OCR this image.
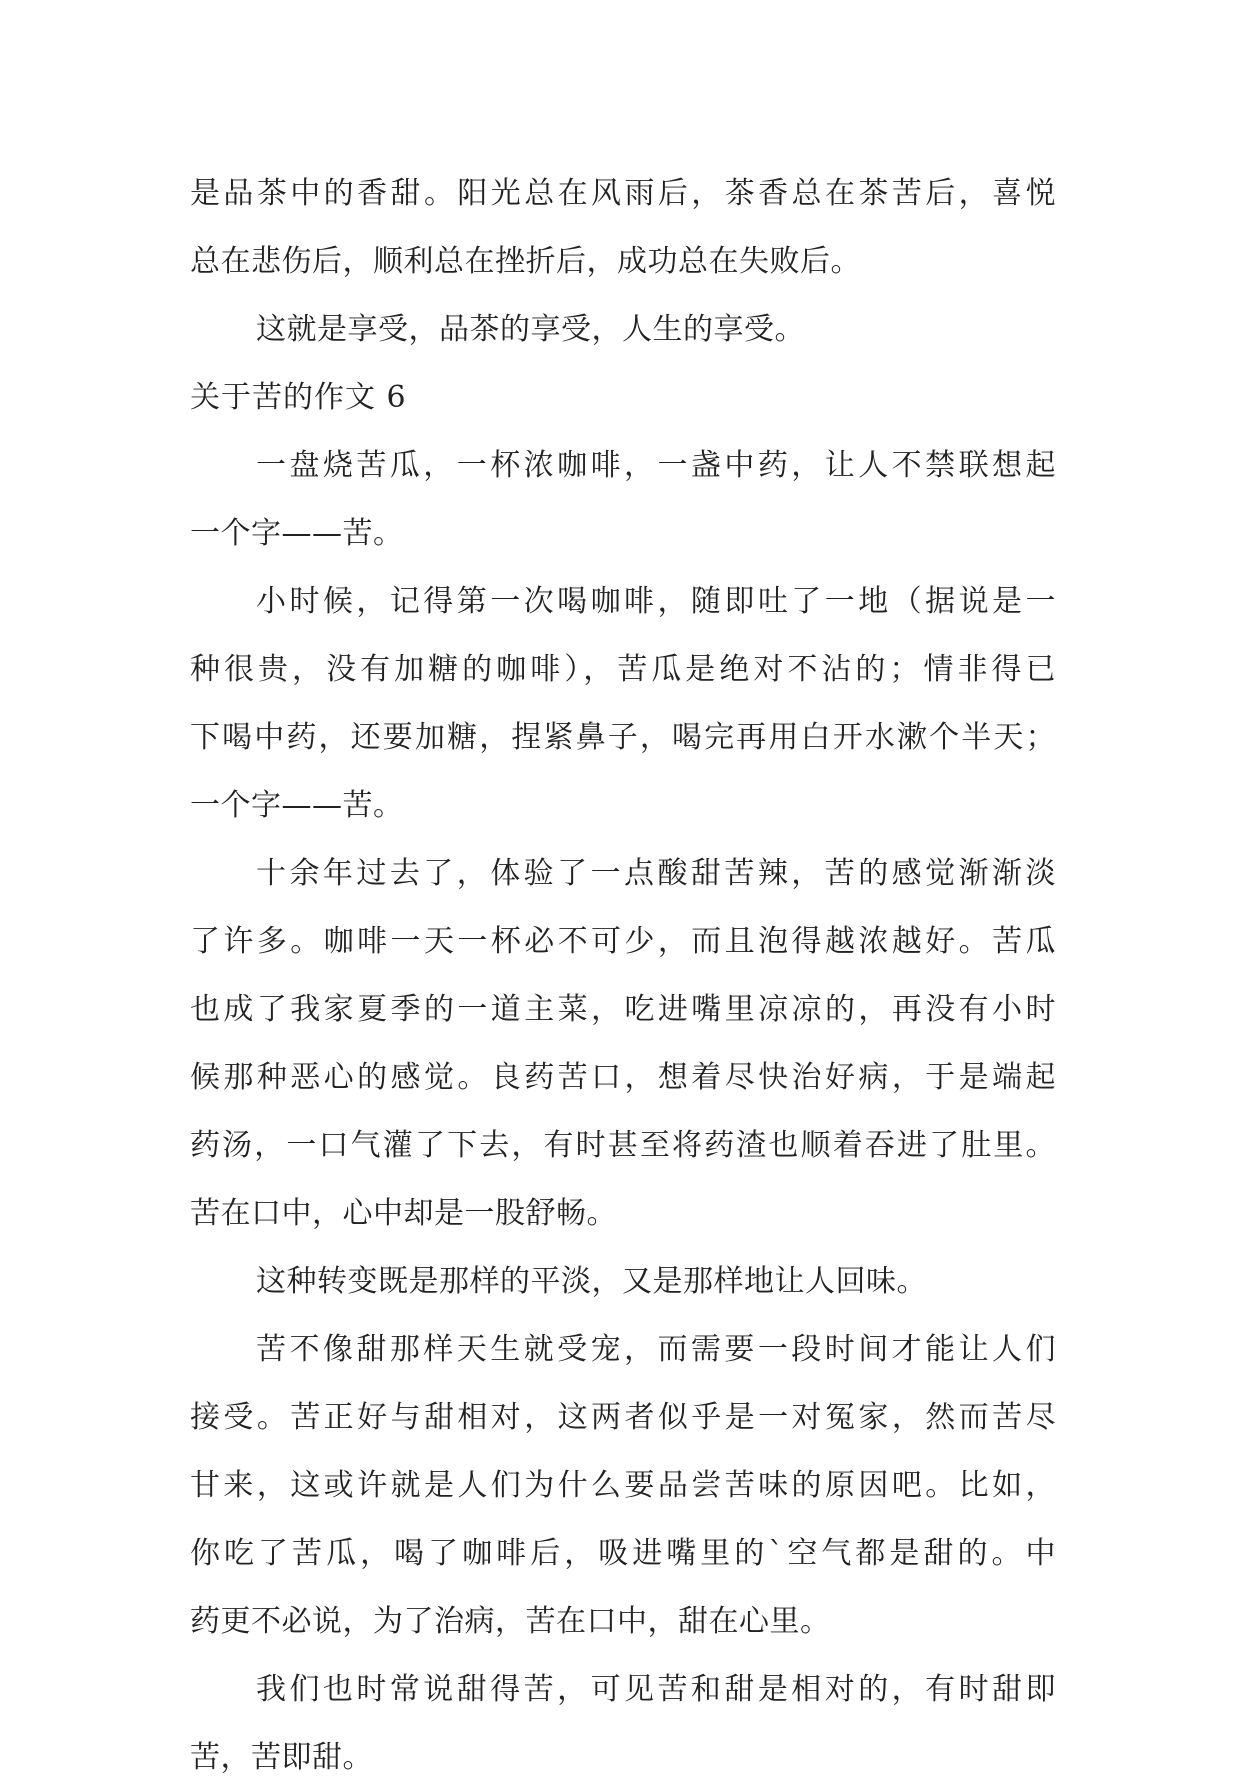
是品茶中的香甜。阳光总在风雨后，茶香总在茶苦后，喜悦
总在悲伤后，顺利总在挫折后，成功总在失败后。
这就是享受，品茶的享受，人生的享受。
关于苦的作文 6
一盘烧苦瓜，一杯浓咖啡，一盏中药，让人不禁联想起
一个字——苦。
小时候，记得第一次喝咖啡，随即吐了一地（据说是一
种很贵，没有加糖的咖啡），苦瓜是绝对不沾的；情非得已
下喝中药，还要加糖，捏紧鼻子，喝完再用白开水漱个半天；
一个字——苦。
十余年过去了，体验了一点酸甜苦辣，苦的感觉渐渐淡
了许多。咖啡一天一杯必不可少，而且泡得越浓越好。苦瓜
也成了我家夏季的一道主菜，吃进嘴里凉凉的，再没有小时
候那种恶心的感觉。良药苦口，想着尽快治好病，于是端起
药汤，一口气灌了下去，有时甚至将药渣也顺着吞进了肚里。
苦在口中，心中却是一股舒畅。
这种转变既是那样的平淡，又是那样地让人回味。
苦不像甜那样天生就受宠，而需要一段时间才能让人们
接受。苦正好与甜相对，这两者似乎是一对冤家，然而苦尽
甘来，这或许就是人们为什么要品尝苦味的原因吧。比如，
你吃了苦瓜，喝了咖啡后，吸进嘴里的`空气都是甜的。中
药更不必说，为了治病，苦在口中，甜在心里。
我们也时常说甜得苦，可见苦和甜是相对的，有时甜即
苦，苦即甜。
